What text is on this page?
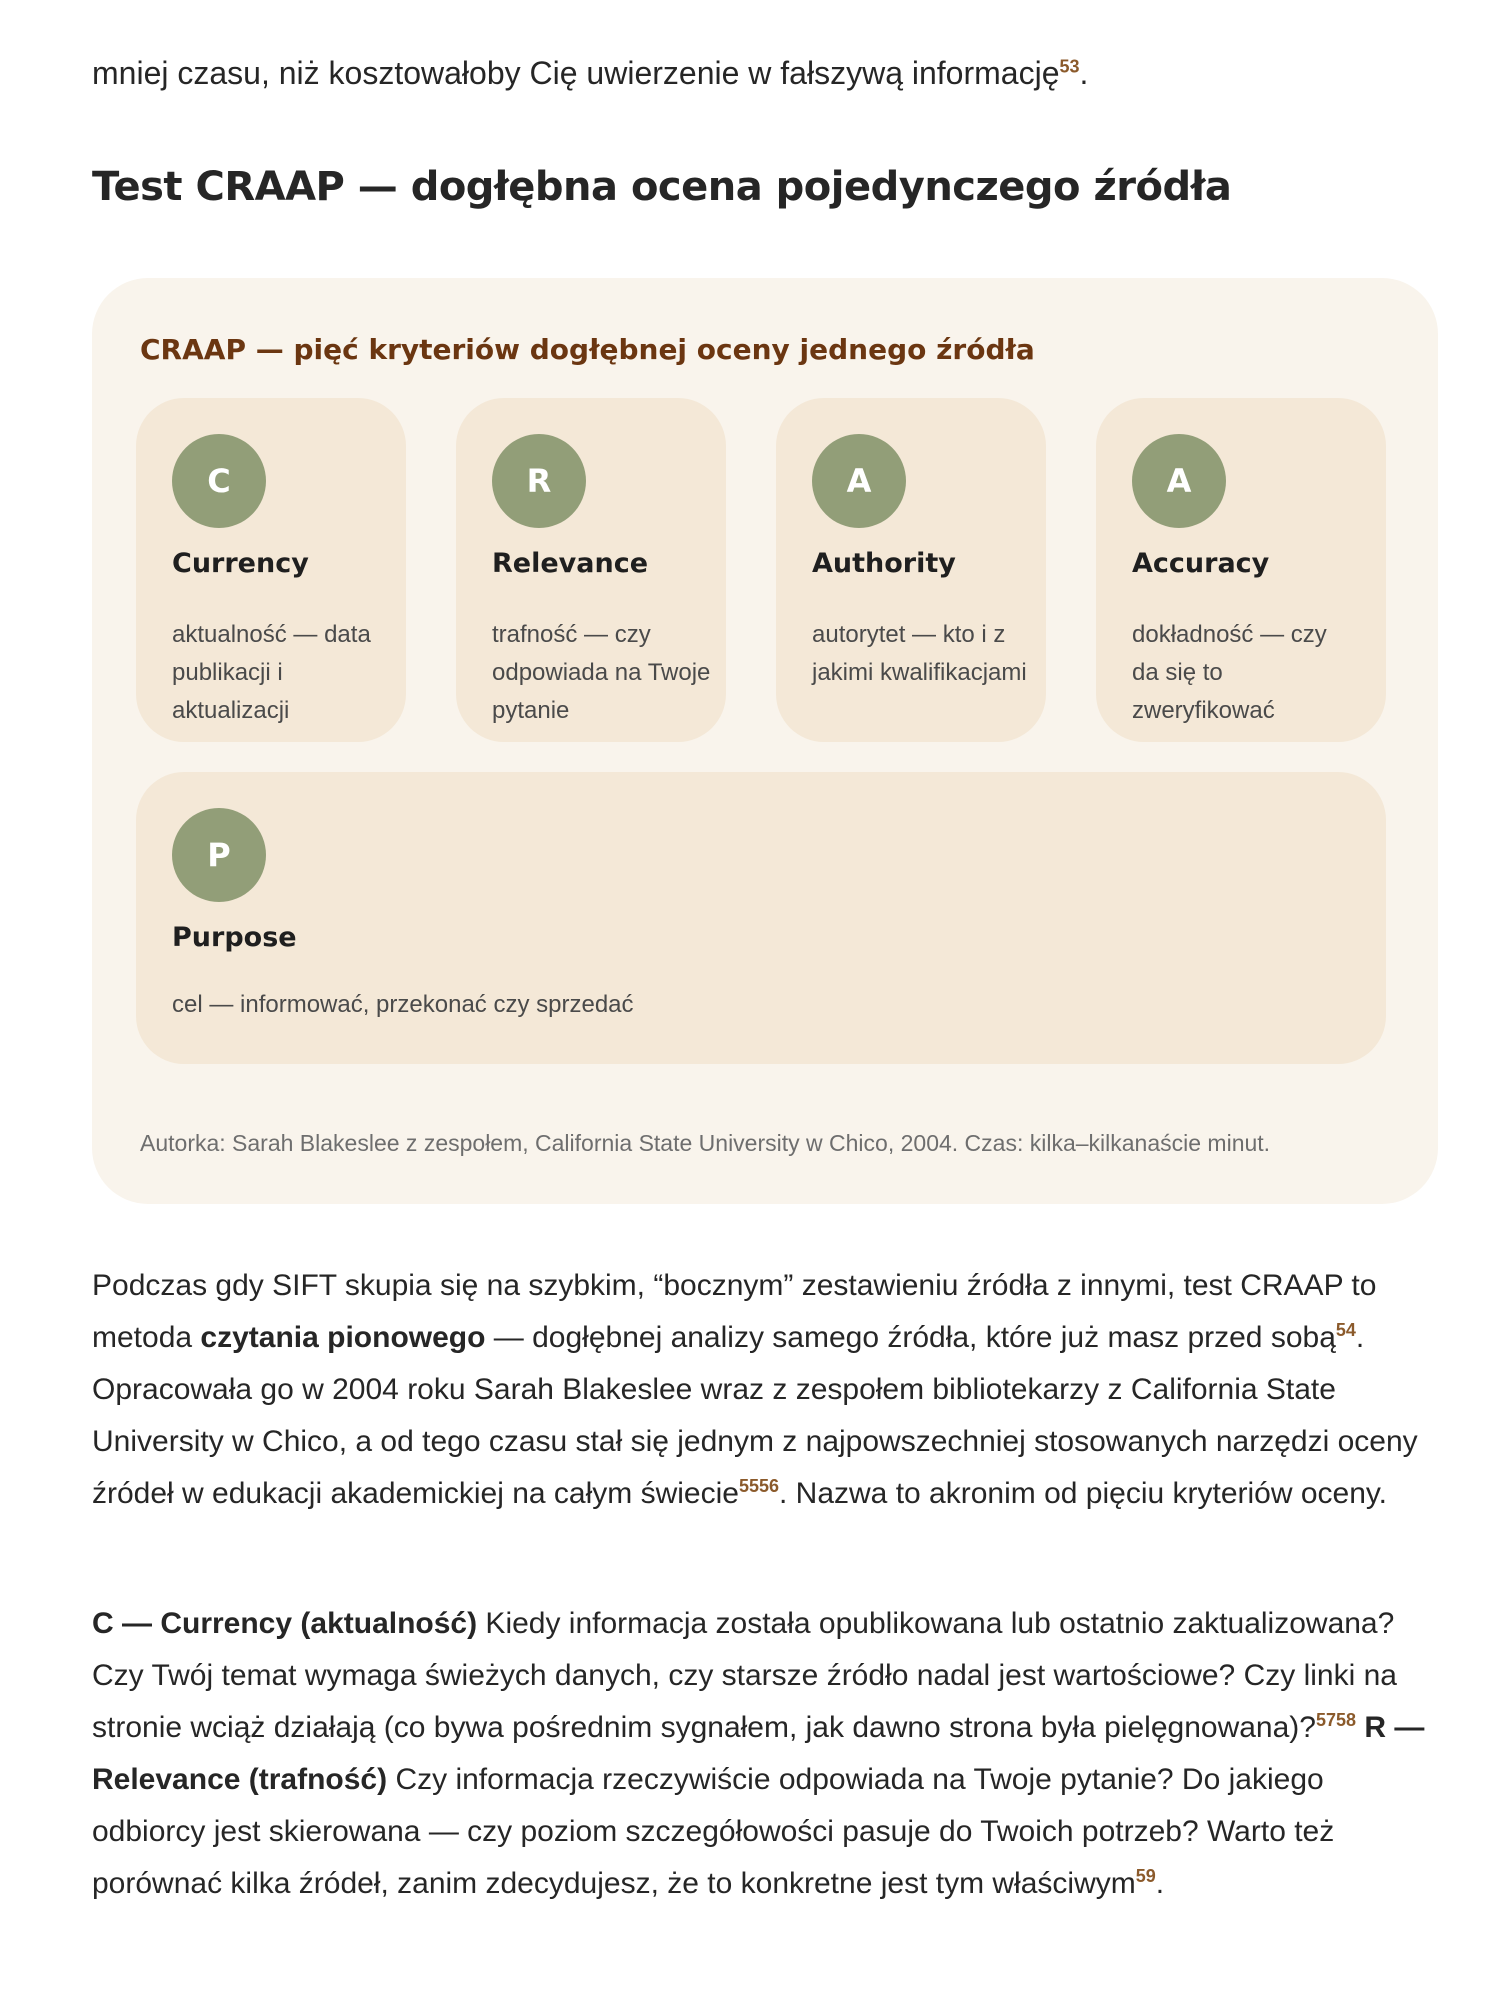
mniej czasu, niż kosztowałoby Cię uwierzenie w fałszywą informację$^{53}$.

Test CRAAP — dogłębna ocena pojedynczego źródła
CRAAP — pięć kryteriów dogłębnej oceny jednego źródła
C
Currency

aktualność — data publikacji i aktualizacji

R
Relevance

trafność — czy odpowiada na Twoje pytanie

A
Authority

autorytet — kto i z jakimi kwalifikacjami

A
Accuracy

dokładność — czy da się to zweryfikować

P
Purpose

cel — informować, przekonać czy sprzedać

Autorka: Sarah Blakeslee z zespołem, California State University w Chico, 2004. Czas: kilka–kilkanaście minut.

Podczas gdy SIFT skupia się na szybkim, “bocznym” zestawieniu źródła z innymi, test CRAAP to metoda czytania pionowego — dogłębnej analizy samego źródła, które już masz przed sobą$^{54}$. Opracowała go w 2004 roku Sarah Blakeslee wraz z zespołem bibliotekarzy z California State University w Chico, a od tego czasu stał się jednym z najpowszechniej stosowanych narzędzi oceny źródeł w edukacji akademickiej na całym świecie$^{5556}$. Nazwa to akronim od pięciu kryteriów oceny.

C — Currency (aktualność) Kiedy informacja została opublikowana lub ostatnio zaktualizowana? Czy Twój temat wymaga świeżych danych, czy starsze źródło nadal jest wartościowe? Czy linki na stronie wciąż działają (co bywa pośrednim sygnałem, jak dawno strona była pielęgnowana)?$^{5758}$ R — Relevance (trafność) Czy informacja rzeczywiście odpowiada na Twoje pytanie? Do jakiego odbiorcy jest skierowana — czy poziom szczegółowości pasuje do Twoich potrzeb? Warto też porównać kilka źródeł, zanim zdecydujesz, że to konkretne jest tym właściwym$^{59}$.
